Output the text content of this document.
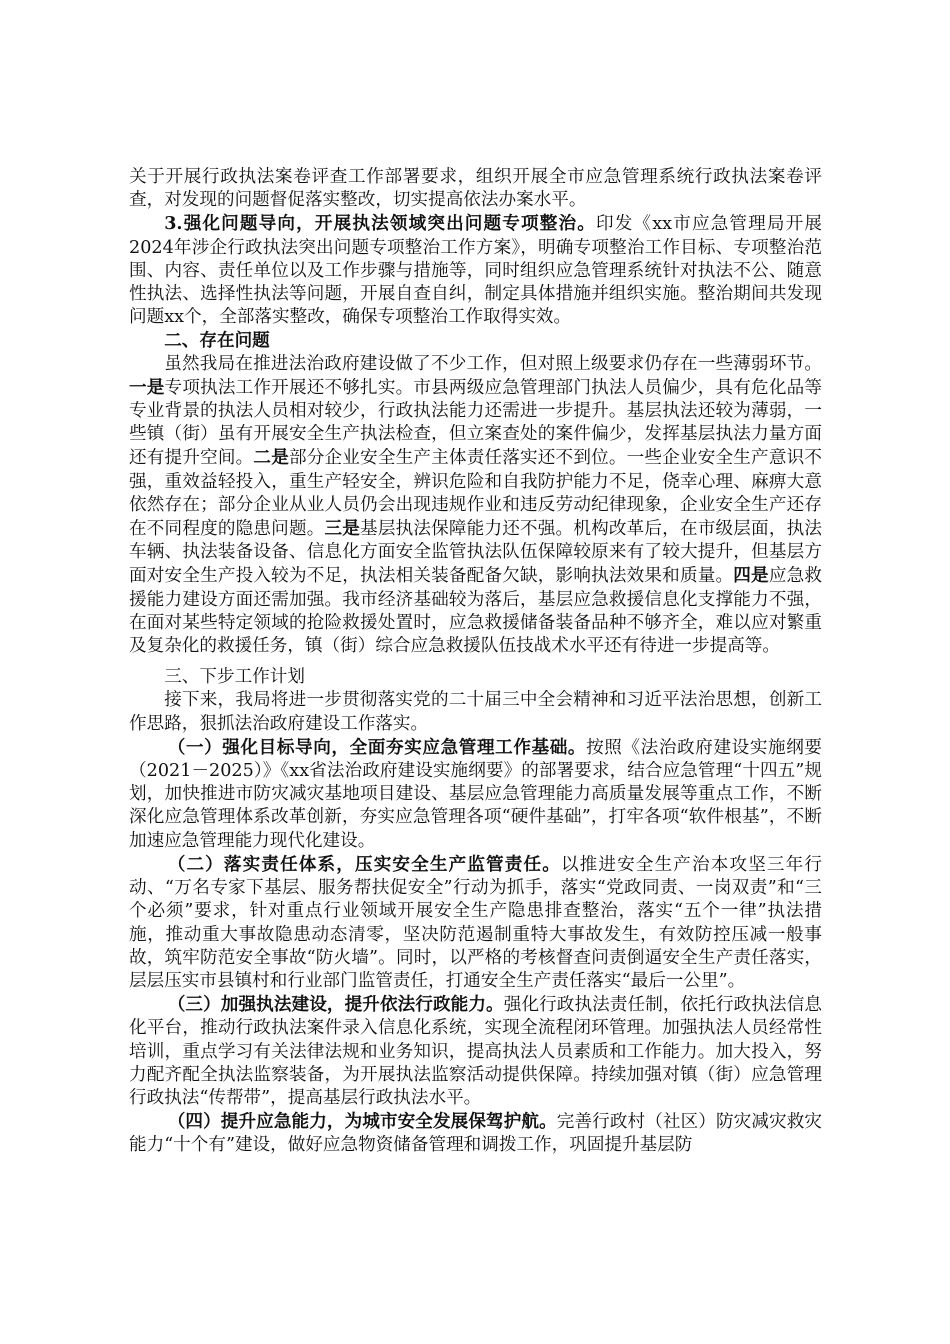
关于开展行政执法案卷评查工作部署要求，组织开展全市应急管理系统行政执法案卷评查，对发现的问题督促落实整改，切实提高依法办案水平。

3.强化问题导向，开展执法领域突出问题专项整治。印发《xx市应急管理局开展2024年涉企行政执法突出问题专项整治工作方案》，明确专项整治工作目标、专项整治范围、内容、责任单位以及工作步骤与措施等，同时组织应急管理系统针对执法不公、随意性执法、选择性执法等问题，开展自查自纠，制定具体措施并组织实施。整治期间共发现问题xx个，全部落实整改，确保专项整治工作取得实效。

二、存在问题

虽然我局在推进法治政府建设做了不少工作，但对照上级要求仍存在一些薄弱环节。一是专项执法工作开展还不够扎实。市县两级应急管理部门执法人员偏少，具有危化品等专业背景的执法人员相对较少，行政执法能力还需进一步提升。基层执法还较为薄弱，一些镇（街）虽有开展安全生产执法检查，但立案查处的案件偏少，发挥基层执法力量方面还有提升空间。二是部分企业安全生产主体责任落实还不到位。一些企业安全生产意识不强，重效益轻投入，重生产轻安全，辨识危险和自我防护能力不足，侥幸心理、麻痹大意依然存在；部分企业从业人员仍会出现违规作业和违反劳动纪律现象，企业安全生产还存在不同程度的隐患问题。三是基层执法保障能力还不强。机构改革后，在市级层面，执法车辆、执法装备设备、信息化方面安全监管执法队伍保障较原来有了较大提升，但基层方面对安全生产投入较为不足，执法相关装备配备欠缺，影响执法效果和质量。四是应急救援能力建设方面还需加强。我市经济基础较为落后，基层应急救援信息化支撑能力不强，在面对某些特定领域的抢险救援处置时，应急救援储备装备品种不够齐全，难以应对繁重及复杂化的救援任务，镇（街）综合应急救援队伍技战术水平还有待进一步提高等。

三、下步工作计划

接下来，我局将进一步贯彻落实党的二十届三中全会精神和习近平法治思想，创新工作思路，狠抓法治政府建设工作落实。

（一）强化目标导向，全面夯实应急管理工作基础。按照《法治政府建设实施纲要（2021－2025）》《xx省法治政府建设实施纲要》的部署要求，结合应急管理“十四五”规划，加快推进市防灾减灾基地项目建设、基层应急管理能力高质量发展等重点工作，不断深化应急管理体系改革创新，夯实应急管理各项“硬件基础”，打牢各项“软件根基”，不断加速应急管理能力现代化建设。

（二）落实责任体系，压实安全生产监管责任。以推进安全生产治本攻坚三年行动、“万名专家下基层、服务帮扶促安全”行动为抓手，落实“党政同责、一岗双责”和“三个必须”要求，针对重点行业领域开展安全生产隐患排查整治，落实“五个一律”执法措施，推动重大事故隐患动态清零，坚决防范遏制重特大事故发生，有效防控压减一般事故，筑牢防范安全事故“防火墙”。同时，以严格的考核督查问责倒逼安全生产责任落实，层层压实市县镇村和行业部门监管责任，打通安全生产责任落实“最后一公里”。

（三）加强执法建设，提升依法行政能力。强化行政执法责任制，依托行政执法信息化平台，推动行政执法案件录入信息化系统，实现全流程闭环管理。加强执法人员经常性培训，重点学习有关法律法规和业务知识，提高执法人员素质和工作能力。加大投入，努力配齐配全执法监察装备，为开展执法监察活动提供保障。持续加强对镇（街）应急管理行政执法“传帮带”，提高基层行政执法水平。

（四）提升应急能力，为城市安全发展保驾护航。完善行政村（社区）防灾减灾救灾能力“十个有”建设，做好应急物资储备管理和调拨工作，巩固提升基层防
